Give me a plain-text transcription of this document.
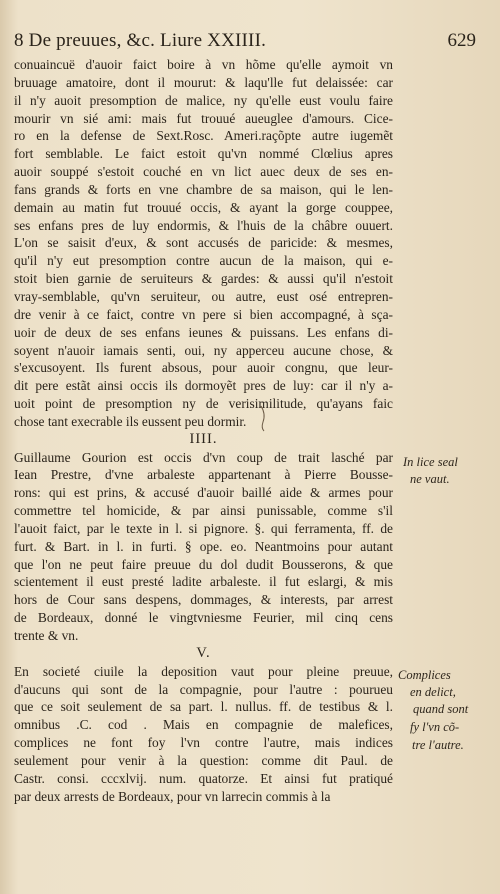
8 De preuues, &c. Liure XXIIII.	629
conuaincuë d'auoir faict boire à vn hõme qu'elle aymoit vn
bruuage amatoire, dont il mourut: & laqu'lle fut delaissée: car
il n'y auoit presomption de malice, ny qu'elle eust voulu faire
mourir vn sié ami: mais fut trouué aueuglee d'amours. Cice-
ro en la defense de Sext.Rosc. Ameri.raçõpte autre iugemẽt
fort semblable. Le faict estoit qu'vn nommé Clœlius apres
auoir souppé s'estoit couché en vn lict auec deux de ses en-
fans grands & forts en vne chambre de sa maison, qui le len-
demain au matin fut trouué occis, & ayant la gorge couppee,
ses enfans pres de luy endormis, & l'huis de la châbre ouuert.
L'on se saisit d'eux, & sont accusés de paricide: & mesmes,
qu'il n'y eut presomption contre aucun de la maison, qui e-
stoit bien garnie de seruiteurs & gardes: & aussi qu'il n'estoit
vray-semblable, qu'vn seruiteur, ou autre, eust osé entrepren-
dre venir à ce faict, contre vn pere si bien accompagné, à sça-
uoir de deux de ses enfans ieunes & puissans. Les enfans di-
soyent n'auoir iamais senti, oui, ny apperceu aucune chose, &
s'excusoyent. Ils furent absous, pour auoir congnu, que leur-
dit pere estãt ainsi occis ils dormoyẽt pres de luy: car il n'y a-
uoit point de presomption ny de verisimilitude, qu'ayans faic
chose tant execrable ils eussent peu dormir.
IIII.
Guillaume Gourion est occis d'vn coup de trait lasché par
Iean Prestre, d'vne arbaleste appartenant à Pierre Bousse-
rons: qui est prins, & accusé d'auoir baillé aide & armes pour
commettre tel homicide, & par ainsi punissable, comme s'il
l'auoit faict, par le texte in l. si pignore. §. qui ferramenta, ff. de
furt. & Bart. in l. in furti. § ope. eo. Neantmoins pour autant
que l'on ne peut faire preuue du dol dudit Bousserons, & que
scientement il eust presté ladite arbaleste. il fut eslargi, & mis
hors de Cour sans despens, dommages, & interests, par arrest
de Bordeaux, donné le vingtvniesme Feurier, mil cinq cens
trente & vn.
V.
En societé ciuile la deposition vaut pour pleine preuue,
d'aucuns qui sont de la compagnie, pour l'autre : pourueu
que ce soit seulement de sa part. l. nullus. ff. de testibus & l.
omnibus .C. cod . Mais en compagnie de malefices,
complices ne font foy l'vn contre l'autre, mais indices
seulement pour venir à la question: comme dit Paul. de
Castr. consi. cccxlvij. num. quatorze. Et ainsi fut pratiqué
par deux arrests de Bordeaux, pour vn larrecin commis à la
In lice seal
ne vaut.
Complices
en delict,
quand sont
fy l'vn cõ-
tre l'autre.
